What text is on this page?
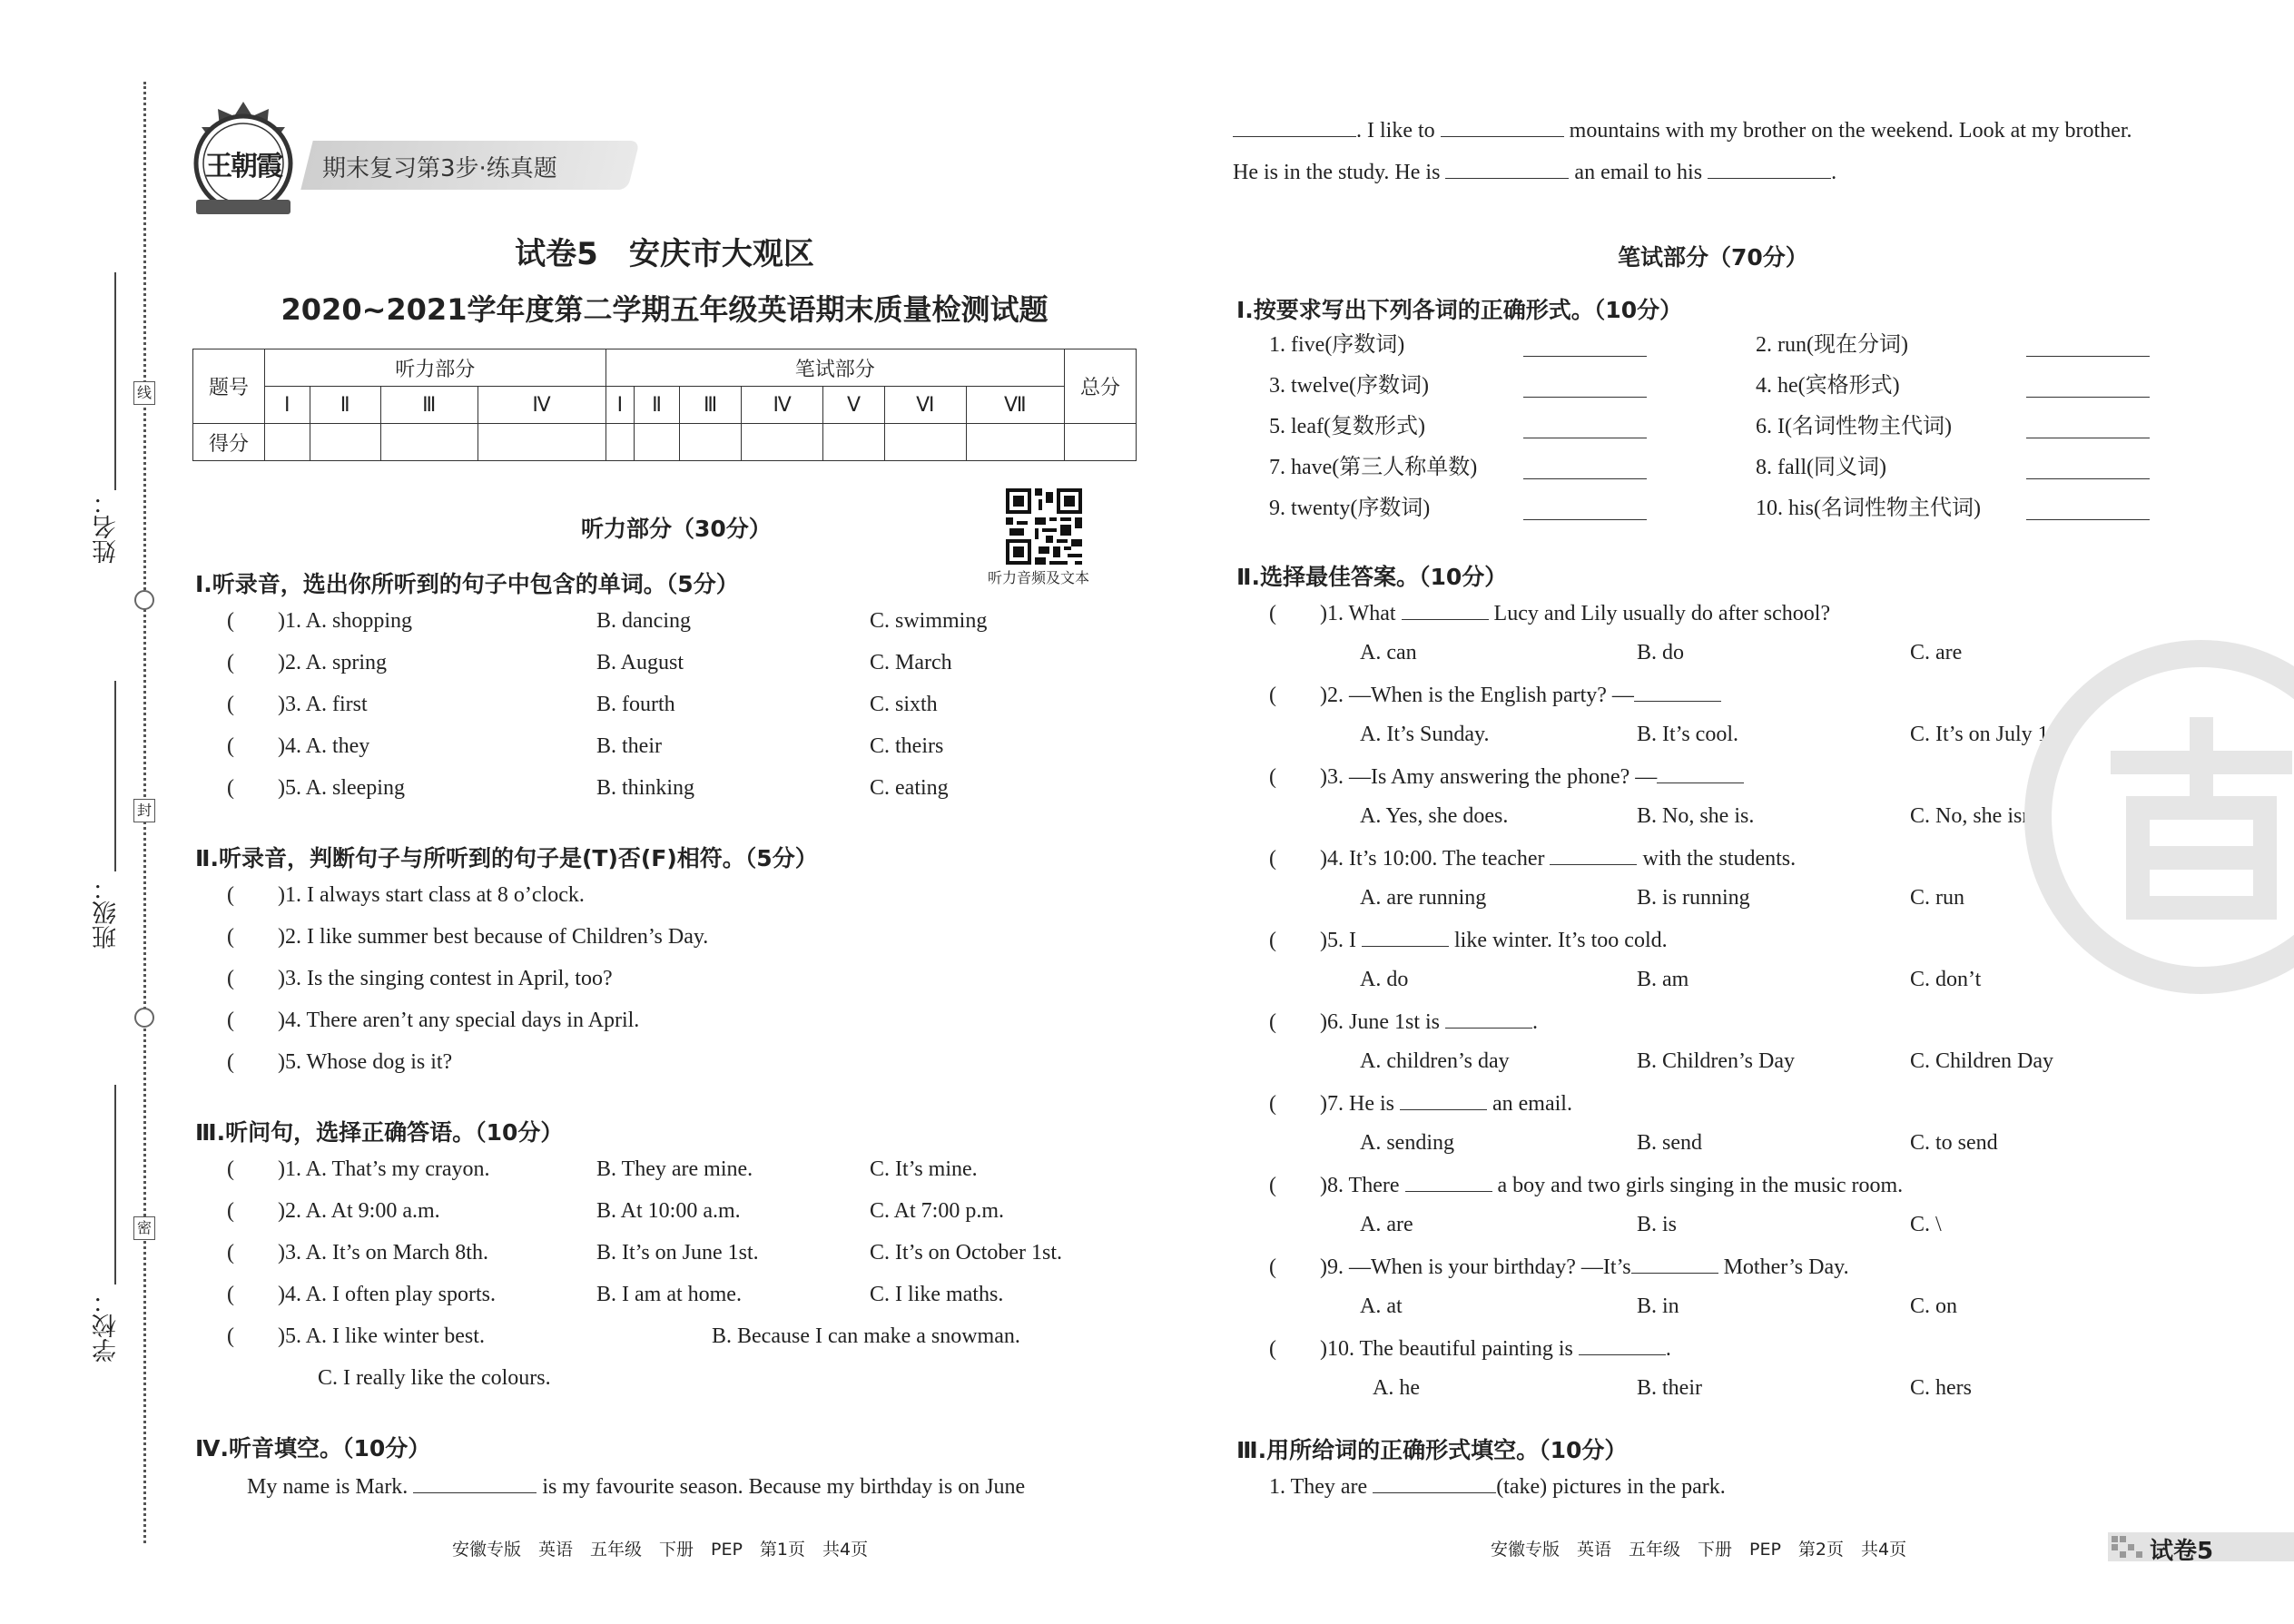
线
封
密
姓名：
班级：
学校：
王朝霞	期末复习第3步·练真题
试卷5　安庆市大观区
2020~2021学年度第二学期五年级英语期末质量检测试题
题号	听力部分				笔试部分							总分
	Ⅰ	Ⅱ	Ⅲ	Ⅳ	Ⅰ	Ⅱ	Ⅲ	Ⅳ	Ⅴ	Ⅵ	Ⅶ	
得分												
听力部分（30分）
听力音频及文本
Ⅰ.听录音，选出你所听到的句子中包含的单词。（5分）
(　　)1. A. shopping	B. dancing	C. swimming
(　　)2. A. spring	B. August	C. March
(　　)3. A. first	B. fourth	C. sixth
(　　)4. A. they	B. their	C. theirs
(　　)5. A. sleeping	B. thinking	C. eating
Ⅱ.听录音，判断句子与所听到的句子是(T)否(F)相符。（5分）
(　　)1. I always start class at 8 o’clock.
(　　)2. I like summer best because of Children’s Day.
(　　)3. Is the singing contest in April, too?
(　　)4. There aren’t any special days in April.
(　　)5. Whose dog is it?
Ⅲ.听问句，选择正确答语。（10分）
(　　)1. A. That’s my crayon.	B. They are mine.	C. It’s mine.
(　　)2. A. At 9:00 a.m.	B. At 10:00 a.m.	C. At 7:00 p.m.
(　　)3. A. It’s on March 8th.	B. It’s on June 1st.	C. It’s on October 1st.
(　　)4. A. I often play sports.	B. I am at home.	C. I like maths.
(　　)5. A. I like winter best.	B. Because I can make a snowman.
C. I really like the colours.
Ⅳ.听音填空。（10分）
My name is Mark.	is my favourite season. Because my birthday is on June
. I like to	mountains with my brother on the weekend. Look at my brother.
He is in the study. He is	an email to his	.
笔试部分（70分）
Ⅰ.按要求写出下列各词的正确形式。（10分）
1. five(序数词)	2. run(现在分词)
3. twelve(序数词)	4. he(宾格形式)
5. leaf(复数形式)	6. I(名词性物主代词)
7. have(第三人称单数)	8. fall(同义词)
9. twenty(序数词)	10. his(名词性物主代词)
Ⅱ.选择最佳答案。（10分）
(　　)1. What	Lucy and Lily usually do after school?
A. can	B. do	C. are
(　　)2. —When is the English party? —
A. It’s Sunday.	B. It’s cool.	C. It’s on July 1st.
(　　)3. —Is Amy answering the phone? —
A. Yes, she does.	B. No, she is.	C. No, she isn’t.
(　　)4. It’s 10:00. The teacher	with the students.
A. are running	B. is running	C. run
(　　)5. I	like winter. It’s too cold.
A. do	B. am	C. don’t
(　　)6. June 1st is	.
A. children’s day	B. Children’s Day	C. Children Day
(　　)7. He is	an email.
A. sending	B. send	C. to send
(　　)8. There	a boy and two girls singing in the music room.
A. are	B. is	C. \
(　　)9. —When is your birthday? —It’s	Mother’s Day.
A. at	B. in	C. on
(　　)10. The beautiful painting is	.
A. he	B. their	C. hers
Ⅲ.用所给词的正确形式填空。（10分）
1. They are	(take) pictures in the park.
安徽专版　英语　五年级　下册　PEP　第1页　共4页	安徽专版　英语　五年级　下册　PEP　第2页　共4页	试卷5
